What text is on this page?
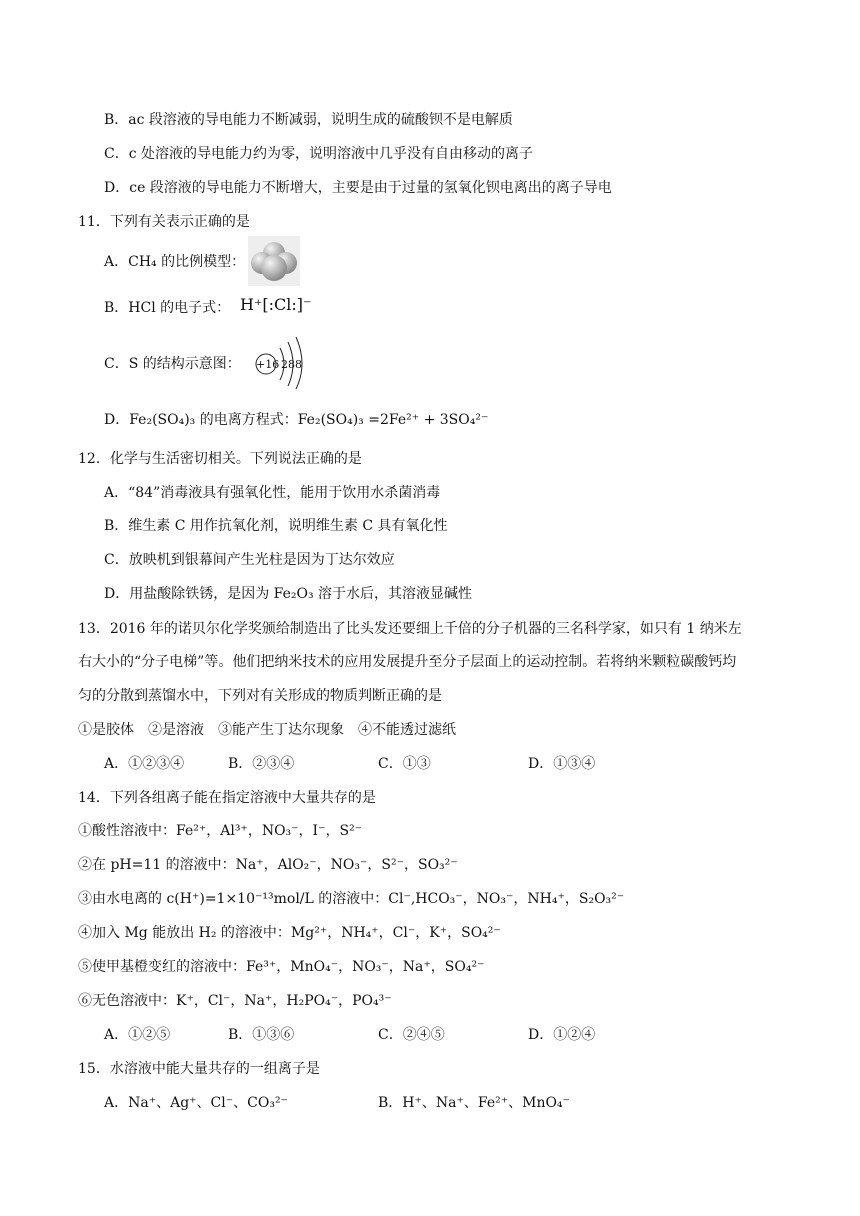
B．ac 段溶液的导电能力不断减弱，说明生成的硫酸钡不是电解质
C．c 处溶液的导电能力约为零，说明溶液中几乎没有自由移动的离子
D．ce 段溶液的导电能力不断增大，主要是由于过量的氢氧化钡电离出的离子导电
11．下列有关表示正确的是
A．CH₄ 的比例模型：
B．HCl 的电子式： H⁺[:Cl:]⁻
C．S 的结构示意图： +16 288
D．Fe₂(SO₄)₃ 的电离方程式：Fe₂(SO₄)₃ =2Fe²⁺ + 3SO₄²⁻
12．化学与生活密切相关。下列说法正确的是
A．“84”消毒液具有强氧化性，能用于饮用水杀菌消毒
B．维生素 C 用作抗氧化剂，说明维生素 C 具有氧化性
C．放映机到银幕间产生光柱是因为丁达尔效应
D．用盐酸除铁锈，是因为 Fe₂O₃ 溶于水后，其溶液显碱性
13．2016 年的诺贝尔化学奖颁给制造出了比头发还要细上千倍的分子机器的三名科学家，如只有 1 纳米左
右大小的“分子电梯”等。他们把纳米技术的应用发展提升至分子层面上的运动控制。若将纳米颗粒碳酸钙均
匀的分散到蒸馏水中，下列对有关形成的物质判断正确的是
①是胶体　②是溶液　③能产生丁达尔现象　④不能透过滤纸
A．①②③④	B．②③④	C．①③	D．①③④
14．下列各组离子能在指定溶液中大量共存的是
①酸性溶液中：Fe²⁺，Al³⁺，NO₃⁻，I⁻，S²⁻
②在 pH=11 的溶液中：Na⁺，AlO₂⁻，NO₃⁻，S²⁻，SO₃²⁻
③由水电离的 c(H⁺)=1×10⁻¹³mol/L 的溶液中：Cl⁻,HCO₃⁻，NO₃⁻，NH₄⁺，S₂O₃²⁻
④加入 Mg 能放出 H₂ 的溶液中：Mg²⁺，NH₄⁺，Cl⁻，K⁺，SO₄²⁻
⑤使甲基橙变红的溶液中：Fe³⁺，MnO₄⁻，NO₃⁻，Na⁺，SO₄²⁻
⑥无色溶液中：K⁺，Cl⁻，Na⁺，H₂PO₄⁻，PO₄³⁻
A．①②⑤	B．①③⑥	C．②④⑤	D．①②④
15．水溶液中能大量共存的一组离子是
A．Na⁺、Ag⁺、Cl⁻、CO₃²⁻	B．H⁺、Na⁺、Fe²⁺、MnO₄⁻
